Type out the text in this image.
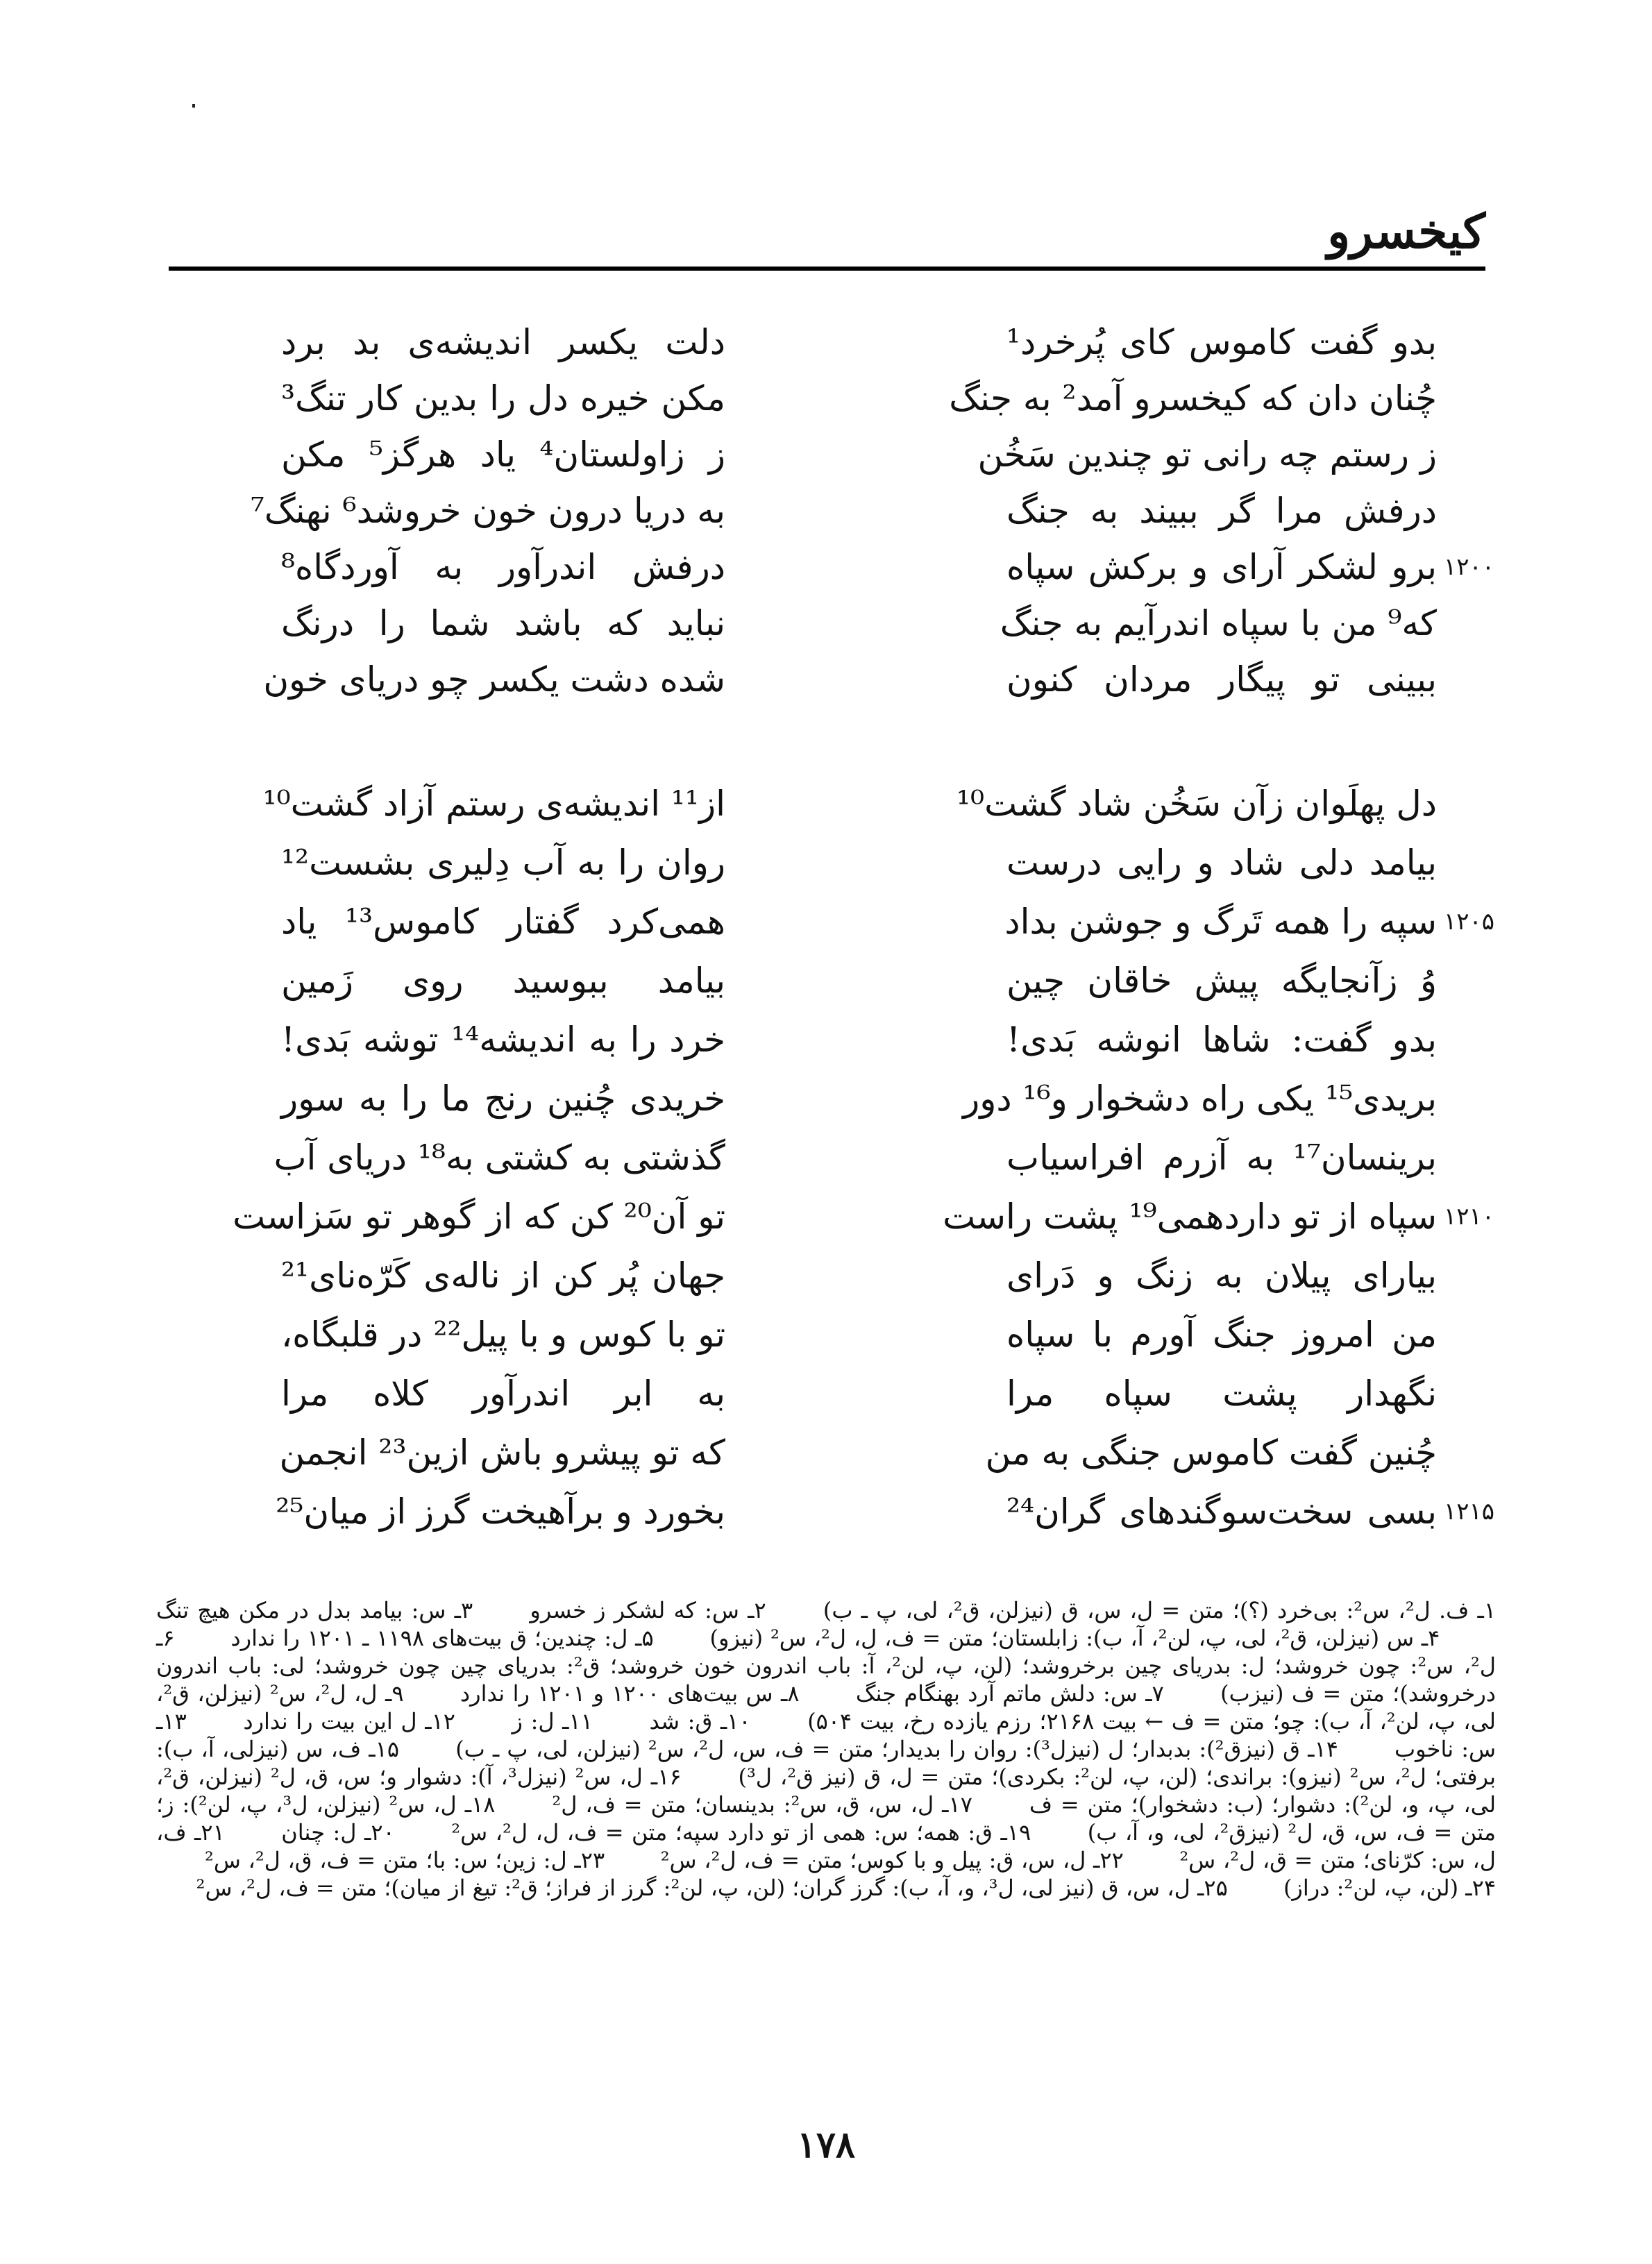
کیخسرو
بدو گفت کاموس کای پُرخرد¹
دلت یکسر اندیشه‌ی بد برد
چُنان دان که کیخسرو آمد² به جنگ
مکن خیره دل را بدین کار تنگ³
ز رستم چه رانی تو چندین سَخُن
ز زاولستان⁴ یاد هرگز⁵ مکن
درفش مرا گر ببیند به جنگ
به دریا درون خون خروشد⁶ نهنگ⁷
۱۲۰۰
برو لشکر آرای و برکش سپاه
درفش اندرآور به آوردگاه⁸
که⁹ من با سپاه اندرآیم به جنگ
نباید که باشد شما را درنگ
ببینی تو پیگار مردان کنون
شده دشت یکسر چو دریای خون
دل پهلَوان زآن سَخُن شاد گشت¹⁰
از¹¹ اندیشه‌ی رستم آزاد گشت¹⁰
بیامد دلی شاد و رایی درست
روان را به آب دِلیری بشست¹²
۱۲۰۵
سپه را همه تَرگ و جوشن بداد
همی‌کرد گفتار کاموس¹³ یاد
وُ زآنجایگه پیش خاقان چین
بیامد ببوسید روی زَمین
بدو گفت: شاها انوشه بَدی!
خرد را به اندیشه¹⁴ توشه بَدی!
بریدی¹⁵ یکی راه دشخوار و¹⁶ دور
خریدی چُنین رنج ما را به سور
برینسان¹⁷ به آزرم افراسیاب
گذشتی به کشتی به¹⁸ دریای آب
۱۲۱۰
سپاه از تو داردهمی¹⁹ پشت راست
تو آن²⁰ کن که از گوهر تو سَزاست
بیارای پیلان به زنگ و دَرای
جهان پُر کن از ناله‌ی کَرّه‌نای²¹
من امروز جنگ آورم با سپاه
تو با کوس و با پیل²² در قلبگاه،
نگهدار پشت سپاه مرا
به ابر اندرآور کلاه مرا
چُنین گفت کاموس جنگی به من
که تو پیشرو باش ازین²³ انجمن
۱۲۱۵
بسی سخت‌سوگندهای گران²⁴
بخورد و برآهیخت گرز از میان²⁵
۱ـ ف. ل²، س²: بی‌خرد (؟)؛ متن = ل، س، ق (نیزلن، ق²، لی، پ ـ ب) ۲ـ س: که لشکر ز خسرو ۳ـ س: بیامد بدل در مکن هیچ تنگ ۴ـ س (نیزلن، ق²، لی، پ، لن²، آ، ب): زابلستان؛ متن = ف، ل، ل²، س² (نیزو) ۵ـ ل: چندین؛ ق بیت‌های ۱۱۹۸ ـ ۱۲۰۱ را ندارد ۶ـ ل²، س²: چون خروشد؛ ل: بدریای چین برخروشد؛ (لن، پ، لن²، آ: باب اندرون خون خروشد؛ ق²: بدریای چین چون خروشد؛ لی: باب اندرون درخروشد)؛ متن = ف (نیزب) ۷ـ س: دلش ماتم آرد بهنگام جنگ ۸ـ س بیت‌های ۱۲۰۰ و ۱۲۰۱ را ندارد ۹ـ ل، ل²، س² (نیزلن، ق²، لی، پ، لن²، آ، ب): چو؛ متن = ف ← بیت ۲۱۶۸؛ رزم یازده رخ، بیت ۵۰۴) ۱۰ـ ق: شد ۱۱ـ ل: ز ۱۲ـ ل این بیت را ندارد ۱۳ـ س: ناخوب ۱۴ـ ق (نیزق²): بدبدار؛ ل (نیزل³): روان را بدیدار؛ متن = ف، س، ل²، س² (نیزلن، لی، پ ـ ب) ۱۵ـ ف، س (نیزلی، آ، ب): برفتی؛ ل²، س² (نیزو): براندی؛ (لن، پ، لن²: بکردی)؛ متن = ل، ق (نیز ق²، ل³) ۱۶ـ ل، س² (نیزل³، آ): دشوار و؛ س، ق، ل² (نیزلن، ق²، لی، پ، و، لن²): دشوار؛ (ب: دشخوار)؛ متن = ف ۱۷ـ ل، س، ق، س²: بدینسان؛ متن = ف، ل² ۱۸ـ ل، س² (نیزلن، ل³، پ، لن²): ز؛ متن = ف، س، ق، ل² (نیزق²، لی، و، آ، ب) ۱۹ـ ق: همه؛ س: همی از تو دارد سپه؛ متن = ف، ل، ل²، س² ۲۰ـ ل: چنان ۲۱ـ ف، ل، س: کرّنای؛ متن = ق، ل²، س² ۲۲ـ ل، س، ق: پیل و با کوس؛ متن = ف، ل²، س² ۲۳ـ ل: زین؛ س: با؛ متن = ف، ق، ل²، س² ۲۴ـ (لن، پ، لن²: دراز) ۲۵ـ ل، س، ق (نیز لی، ل³، و، آ، ب): گرز گران؛ (لن، پ، لن²: گرز از فراز؛ ق²: تیغ از میان)؛ متن = ف، ل²، س²
۱۷۸
